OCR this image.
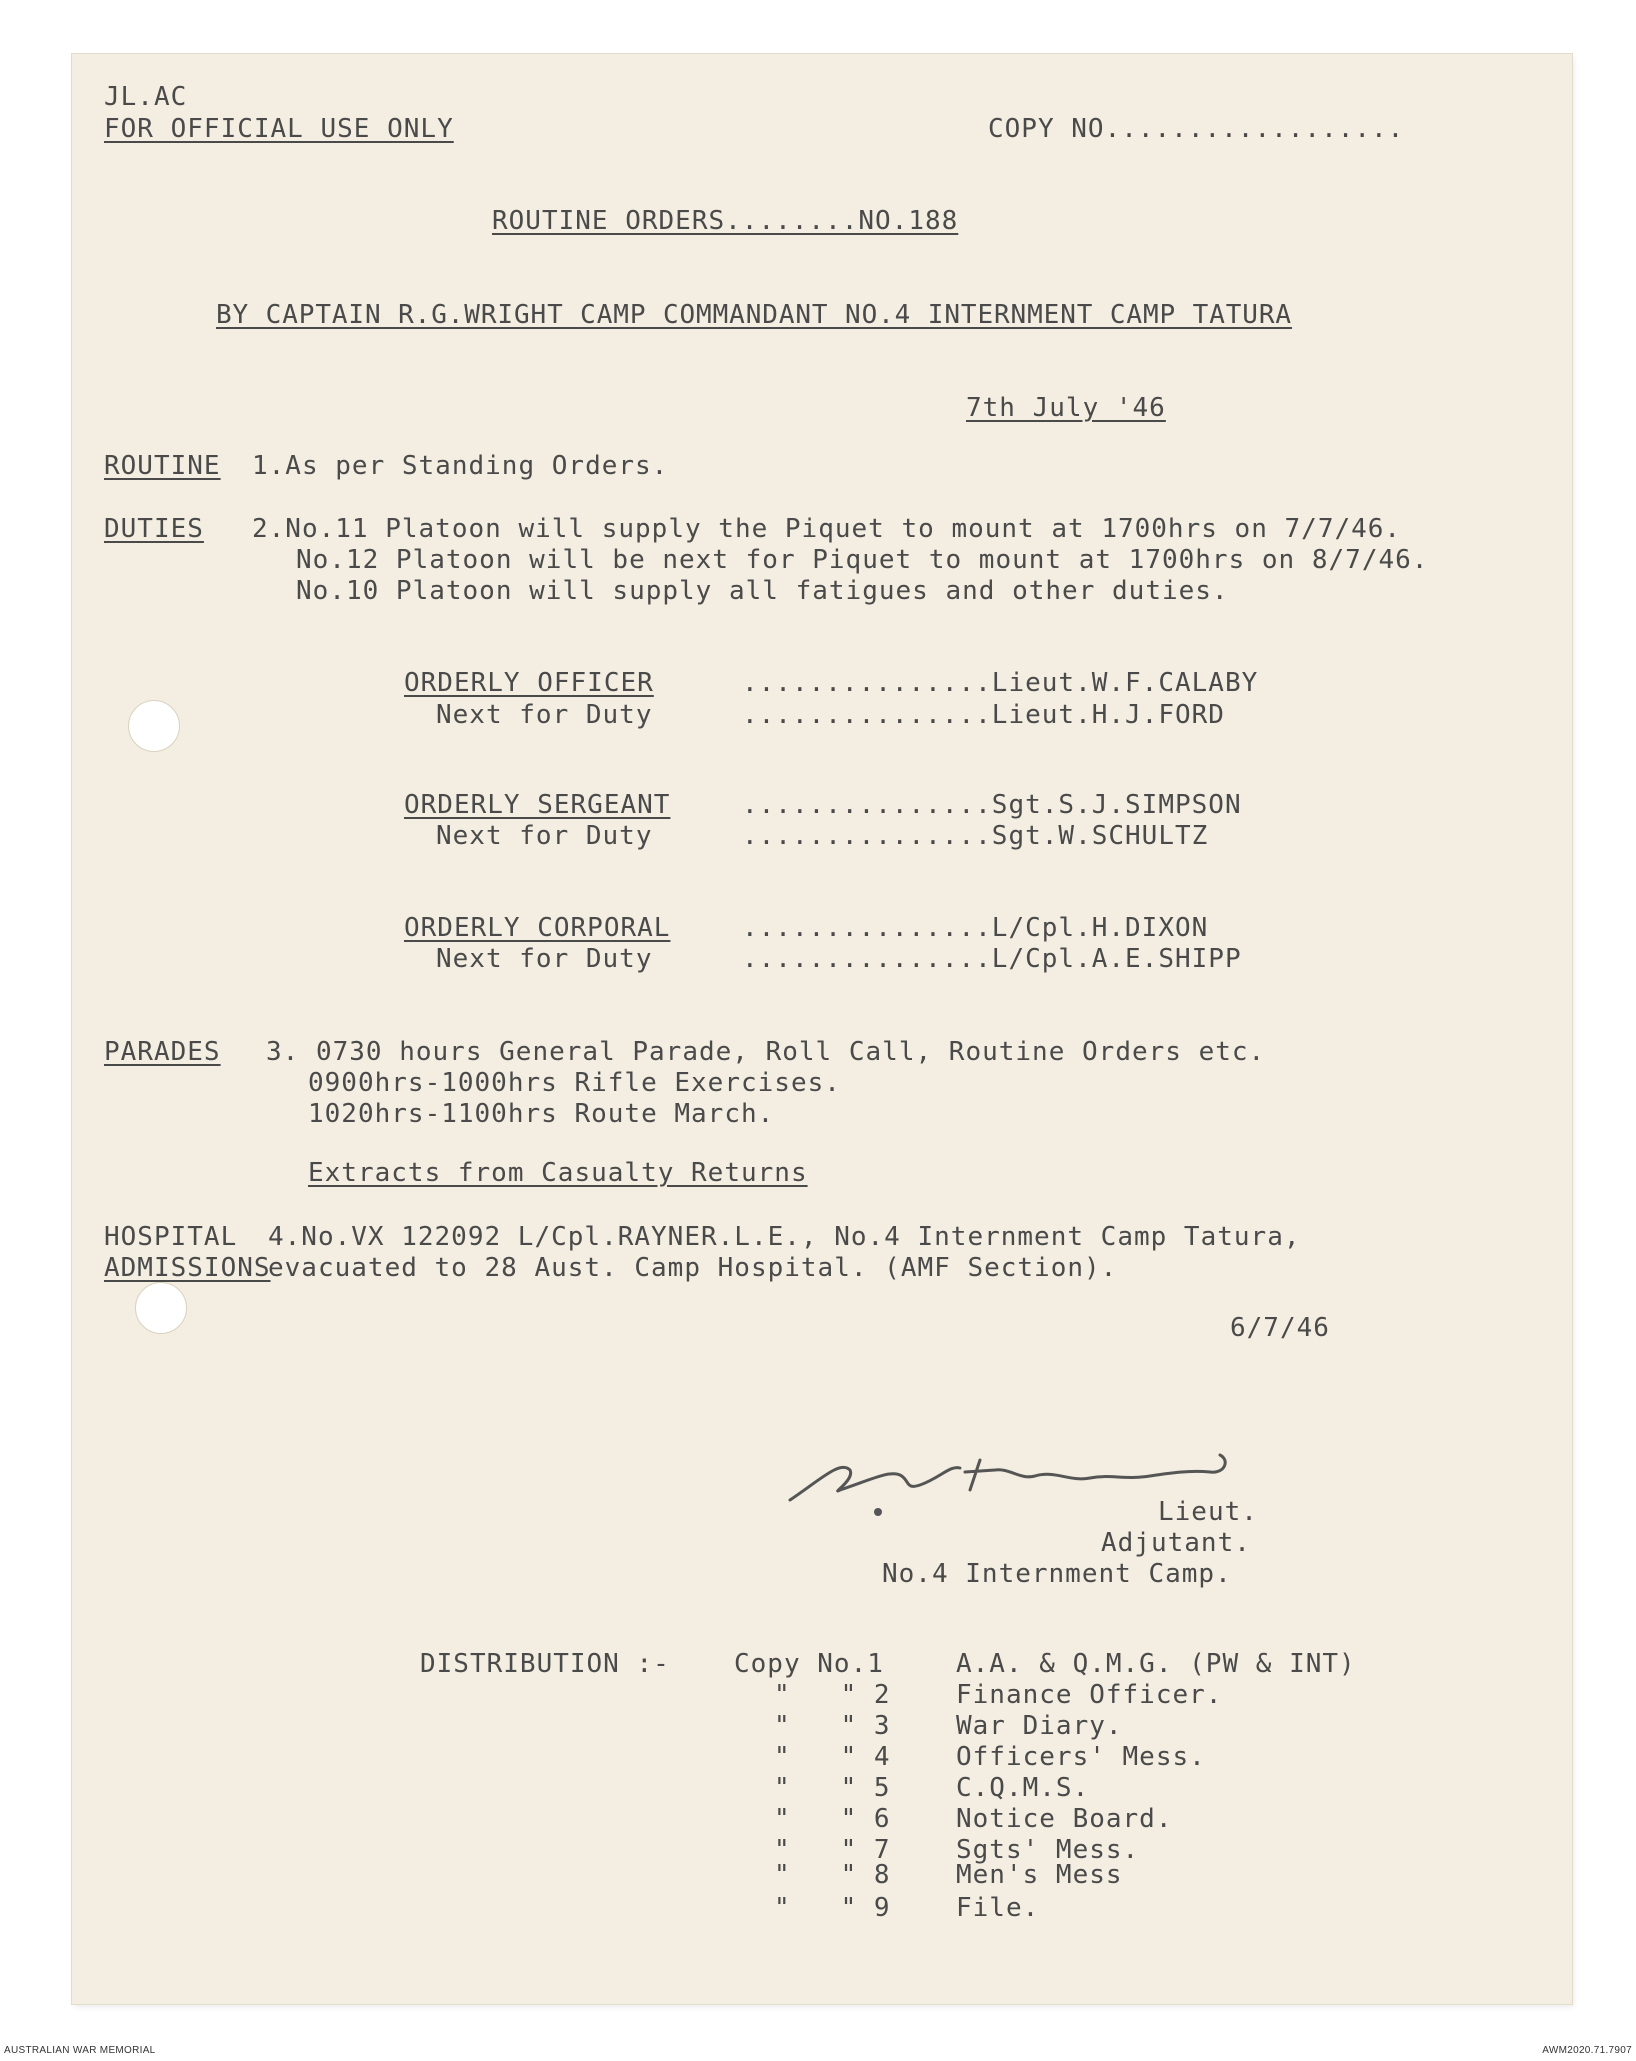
JL.AC
FOR OFFICIAL USE ONLY	COPY NO..................
ROUTINE ORDERS........NO.188
BY CAPTAIN R.G.WRIGHT CAMP COMMANDANT NO.4 INTERNMENT CAMP TATURA
7th July '46
ROUTINE 1.As per Standing Orders.
DUTIES 2.No.11 Platoon will supply the Piquet to mount at 1700hrs on 7/7/46.
No.12 Platoon will be next for Piquet to mount at 1700hrs on 8/7/46.
No.10 Platoon will supply all fatigues and other duties.
ORDERLY OFFICER	...............Lieut.W.F.CALABY
Next for Duty	...............Lieut.H.J.FORD
ORDERLY SERGEANT	...............Sgt.S.J.SIMPSON
Next for Duty	...............Sgt.W.SCHULTZ
ORDERLY CORPORAL	...............L/Cpl.H.DIXON
Next for Duty	...............L/Cpl.A.E.SHIPP
PARADES 3. 0730 hours General Parade, Roll Call, Routine Orders etc.
0900hrs-1000hrs Rifle Exercises.
1020hrs-1100hrs Route March.
Extracts from Casualty Returns
HOSPITAL 4.No.VX 122092 L/Cpl.RAYNER.L.E., No.4 Internment Camp Tatura,
ADMISSIONS
evacuated to 28 Aust. Camp Hospital. (AMF Section).
6/7/46
Lieut.
Adjutant.
No.4 Internment Camp.
DISTRIBUTION :- Copy No.1	A.A. & Q.M.G. (PW & INT)
"   " 2	Finance Officer.
"   " 3	War Diary.
"   " 4	Officers' Mess.
"   " 5	C.Q.M.S.
"   " 6	Notice Board.
"   " 7	Sgts' Mess.
"   " 8	Men's Mess
"   " 9	File.
AUSTRALIAN WAR MEMORIAL	AWM2020.71.7907
